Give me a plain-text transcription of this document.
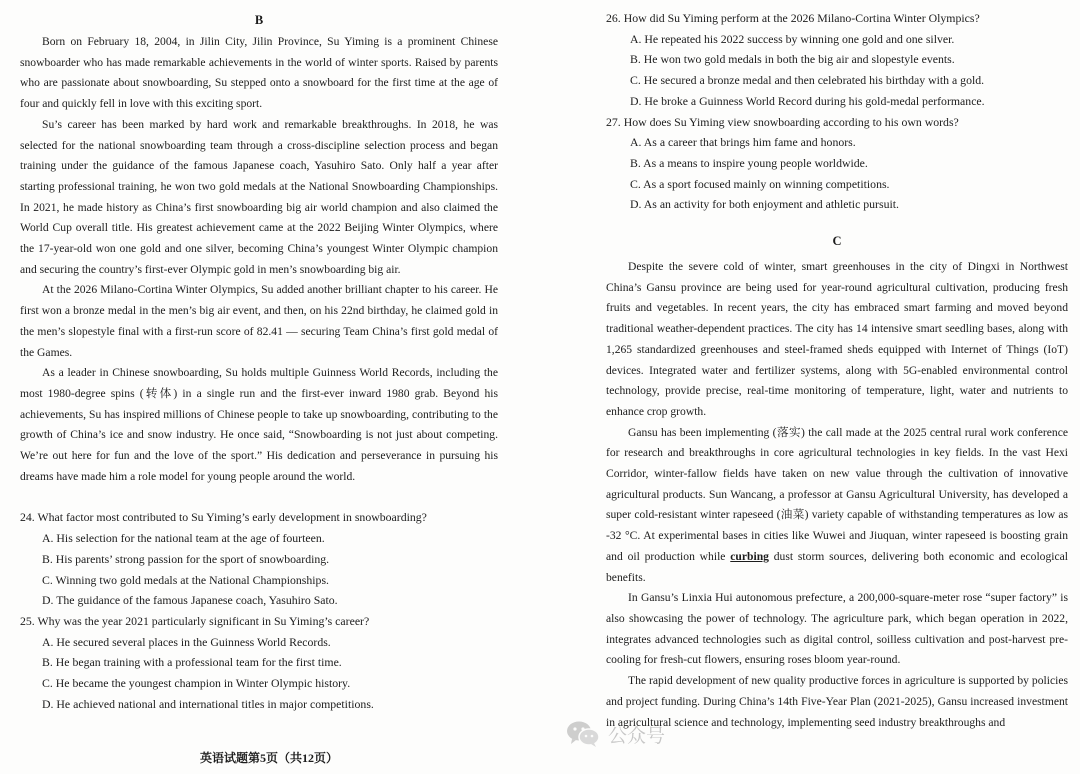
B

Born on February 18, 2004, in Jilin City, Jilin Province, Su Yiming is a prominent Chinese snowboarder who has made remarkable achievements in the world of winter sports. Raised by parents who are passionate about snowboarding, Su stepped onto a snowboard for the first time at the age of four and quickly fell in love with this exciting sport.

Su’s career has been marked by hard work and remarkable breakthroughs. In 2018, he was selected for the national snowboarding team through a cross-discipline selection process and began training under the guidance of the famous Japanese coach, Yasuhiro Sato. Only half a year after starting professional training, he won two gold medals at the National Snowboarding Championships. In 2021, he made history as China’s first snowboarding big air world champion and also claimed the World Cup overall title. His greatest achievement came at the 2022 Beijing Winter Olympics, where the 17-year-old won one gold and one silver, becoming China’s youngest Winter Olympic champion and securing the country’s first-ever Olympic gold in men’s snowboarding big air.

At the 2026 Milano-Cortina Winter Olympics, Su added another brilliant chapter to his career. He first won a bronze medal in the men’s big air event, and then, on his 22nd birthday, he claimed gold in the men’s slopestyle final with a first-run score of 82.41 — securing Team China’s first gold medal of the Games.

As a leader in Chinese snowboarding, Su holds multiple Guinness World Records, including the most 1980-degree spins (转体) in a single run and the first-ever inward 1980 grab. Beyond his achievements, Su has inspired millions of Chinese people to take up snowboarding, contributing to the growth of China’s ice and snow industry. He once said, “Snowboarding is not just about competing. We’re out here for fun and the love of the sport.” His dedication and perseverance in pursuing his dreams have made him a role model for young people around the world.

24. What factor most contributed to Su Yiming’s early development in snowboarding?
A. His selection for the national team at the age of fourteen.
B. His parents’ strong passion for the sport of snowboarding.
C. Winning two gold medals at the National Championships.
D. The guidance of the famous Japanese coach, Yasuhiro Sato.
25. Why was the year 2021 particularly significant in Su Yiming’s career?
A. He secured several places in the Guinness World Records.
B. He began training with a professional team for the first time.
C. He became the youngest champion in Winter Olympic history.
D. He achieved national and international titles in major competitions.
英语试题第5页（共12页）
26. How did Su Yiming perform at the 2026 Milano-Cortina Winter Olympics?
A. He repeated his 2022 success by winning one gold and one silver.
B. He won two gold medals in both the big air and slopestyle events.
C. He secured a bronze medal and then celebrated his birthday with a gold.
D. He broke a Guinness World Record during his gold-medal performance.
27. How does Su Yiming view snowboarding according to his own words?
A. As a career that brings him fame and honors.
B. As a means to inspire young people worldwide.
C. As a sport focused mainly on winning competitions.
D. As an activity for both enjoyment and athletic pursuit.
C

Despite the severe cold of winter, smart greenhouses in the city of Dingxi in Northwest China’s Gansu province are being used for year-round agricultural cultivation, producing fresh fruits and vegetables. In recent years, the city has embraced smart farming and moved beyond traditional weather-dependent practices. The city has 14 intensive smart seedling bases, along with 1,265 standardized greenhouses and steel-framed sheds equipped with Internet of Things (IoT) devices. Integrated water and fertilizer systems, along with 5G-enabled environmental control technology, provide precise, real-time monitoring of temperature, light, water and nutrients to enhance crop growth.

Gansu has been implementing (落实) the call made at the 2025 central rural work conference for research and breakthroughs in core agricultural technologies in key fields. In the vast Hexi Corridor, winter-fallow fields have taken on new value through the cultivation of innovative agricultural products. Sun Wancang, a professor at Gansu Agricultural University, has developed a super cold-resistant winter rapeseed (油菜) variety capable of withstanding temperatures as low as -32 °C. At experimental bases in cities like Wuwei and Jiuquan, winter rapeseed is boosting grain and oil production while curbing dust storm sources, delivering both economic and ecological benefits.

In Gansu’s Linxia Hui autonomous prefecture, a 200,000-square-meter rose “super factory” is also showcasing the power of technology. The agriculture park, which began operation in 2022, integrates advanced technologies such as digital control, soilless cultivation and post-harvest pre-cooling for fresh-cut flowers, ensuring roses bloom year-round.

The rapid development of new quality productive forces in agriculture is supported by policies and project funding. During China’s 14th Five-Year Plan (2021-2025), Gansu increased investment in agricultural science and technology, implementing seed industry breakthroughs and

公众号
